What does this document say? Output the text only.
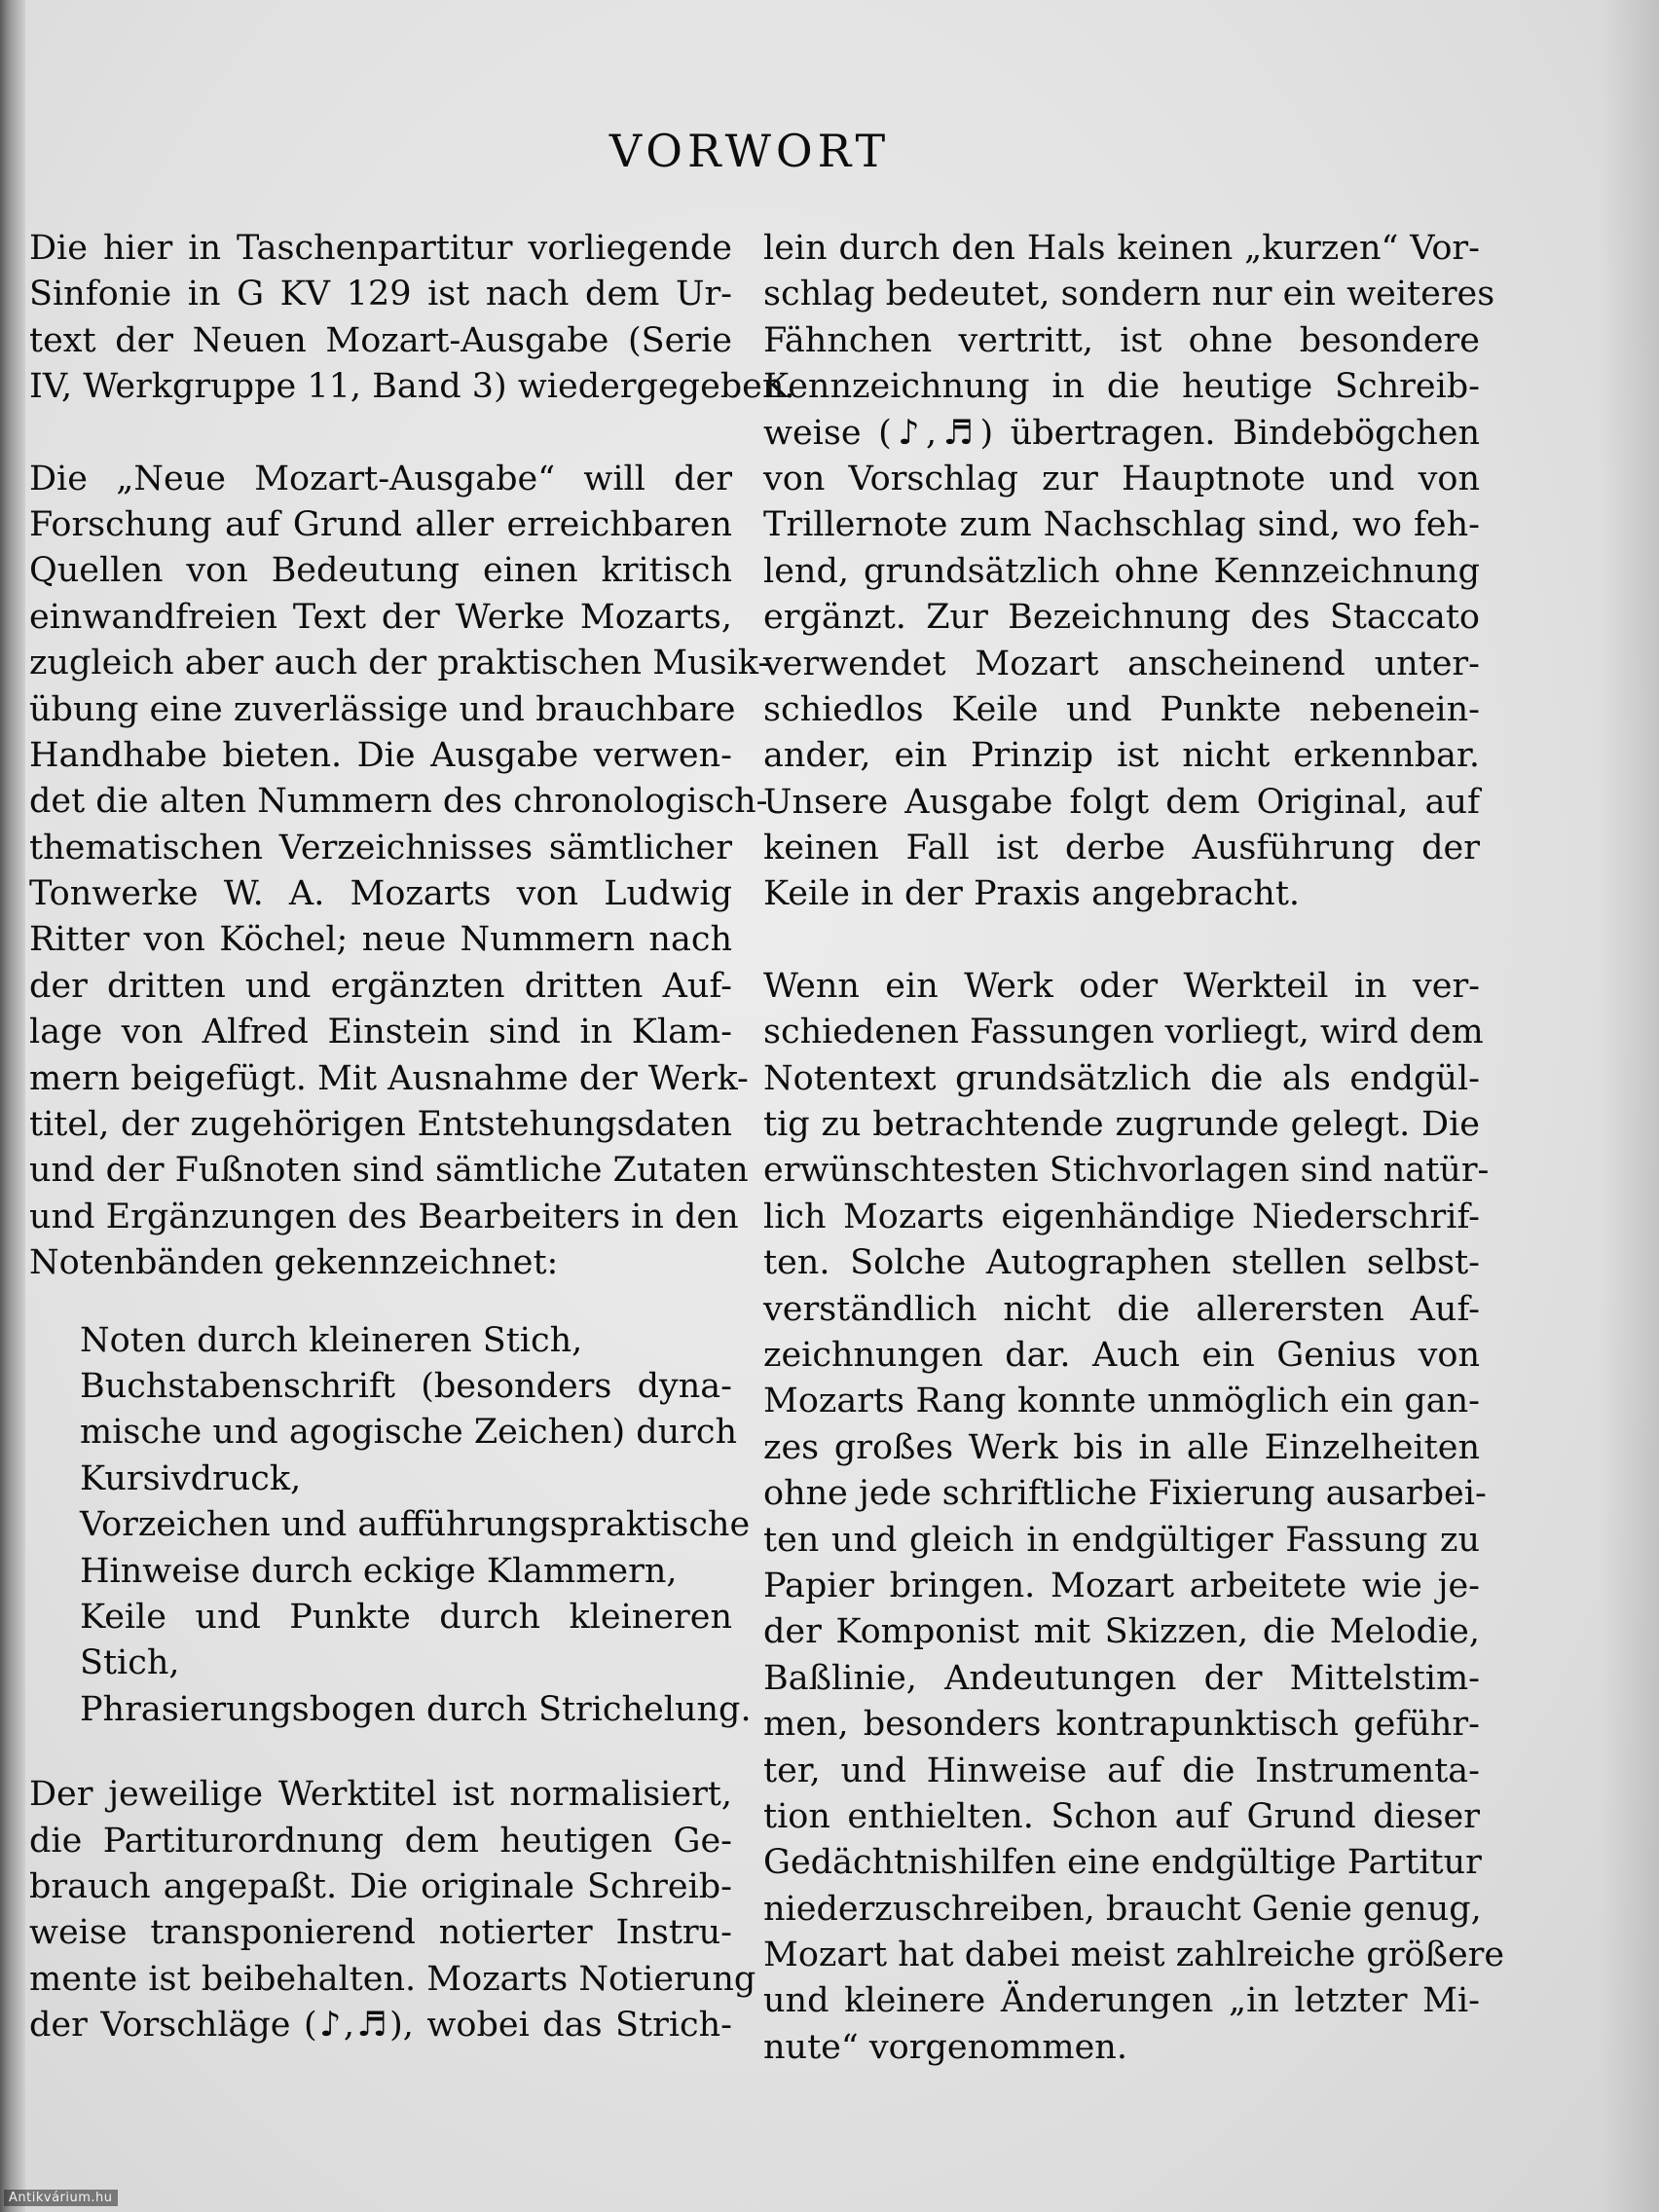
VORWORT
Die hier in Taschenpartitur vorliegende
Sinfonie in G KV 129 ist nach dem Ur-
text der Neuen Mozart-Ausgabe (Serie
IV, Werkgruppe 11, Band 3) wiedergegeben.
Die „Neue Mozart-Ausgabe“ will der
Forschung auf Grund aller erreichbaren
Quellen von Bedeutung einen kritisch
einwandfreien Text der Werke Mozarts,
zugleich aber auch der praktischen Musik-
übung eine zuverlässige und brauchbare
Handhabe bieten. Die Ausgabe verwen-
det die alten Nummern des chronologisch-
thematischen Verzeichnisses sämtlicher
Tonwerke W. A. Mozarts von Ludwig
Ritter von Köchel; neue Nummern nach
der dritten und ergänzten dritten Auf-
lage von Alfred Einstein sind in Klam-
mern beigefügt. Mit Ausnahme der Werk-
titel, der zugehörigen Entstehungsdaten
und der Fußnoten sind sämtliche Zutaten
und Ergänzungen des Bearbeiters in den
Notenbänden gekennzeichnet:
Noten durch kleineren Stich,
Buchstabenschrift (besonders dyna-
mische und agogische Zeichen) durch
Kursivdruck,
Vorzeichen und aufführungspraktische
Hinweise durch eckige Klammern,
Keile und Punkte durch kleineren
Stich,
Phrasierungsbogen durch Strichelung.
Der jeweilige Werktitel ist normalisiert,
die Partiturordnung dem heutigen Ge-
brauch angepaßt. Die originale Schreib-
weise transponierend notierter Instru-
mente ist beibehalten. Mozarts Notierung
der Vorschläge (♪,♬), wobei das Strich-
lein durch den Hals keinen „kurzen“ Vor-
schlag bedeutet, sondern nur ein weiteres
Fähnchen vertritt, ist ohne besondere
Kennzeichnung in die heutige Schreib-
weise (♪,♬) übertragen. Bindebögchen
von Vorschlag zur Hauptnote und von
Trillernote zum Nachschlag sind, wo feh-
lend, grundsätzlich ohne Kennzeichnung
ergänzt. Zur Bezeichnung des Staccato
verwendet Mozart anscheinend unter-
schiedlos Keile und Punkte nebenein-
ander, ein Prinzip ist nicht erkennbar.
Unsere Ausgabe folgt dem Original, auf
keinen Fall ist derbe Ausführung der
Keile in der Praxis angebracht.
Wenn ein Werk oder Werkteil in ver-
schiedenen Fassungen vorliegt, wird dem
Notentext grundsätzlich die als endgül-
tig zu betrachtende zugrunde gelegt. Die
erwünschtesten Stichvorlagen sind natür-
lich Mozarts eigenhändige Niederschrif-
ten. Solche Autographen stellen selbst-
verständlich nicht die allerersten Auf-
zeichnungen dar. Auch ein Genius von
Mozarts Rang konnte unmöglich ein gan-
zes großes Werk bis in alle Einzelheiten
ohne jede schriftliche Fixierung ausarbei-
ten und gleich in endgültiger Fassung zu
Papier bringen. Mozart arbeitete wie je-
der Komponist mit Skizzen, die Melodie,
Baßlinie, Andeutungen der Mittelstim-
men, besonders kontrapunktisch geführ-
ter, und Hinweise auf die Instrumenta-
tion enthielten. Schon auf Grund dieser
Gedächtnishilfen eine endgültige Partitur
niederzuschreiben, braucht Genie genug,
Mozart hat dabei meist zahlreiche größere
und kleinere Änderungen „in letzter Mi-
nute“ vorgenommen.
Antikvárium.hu
